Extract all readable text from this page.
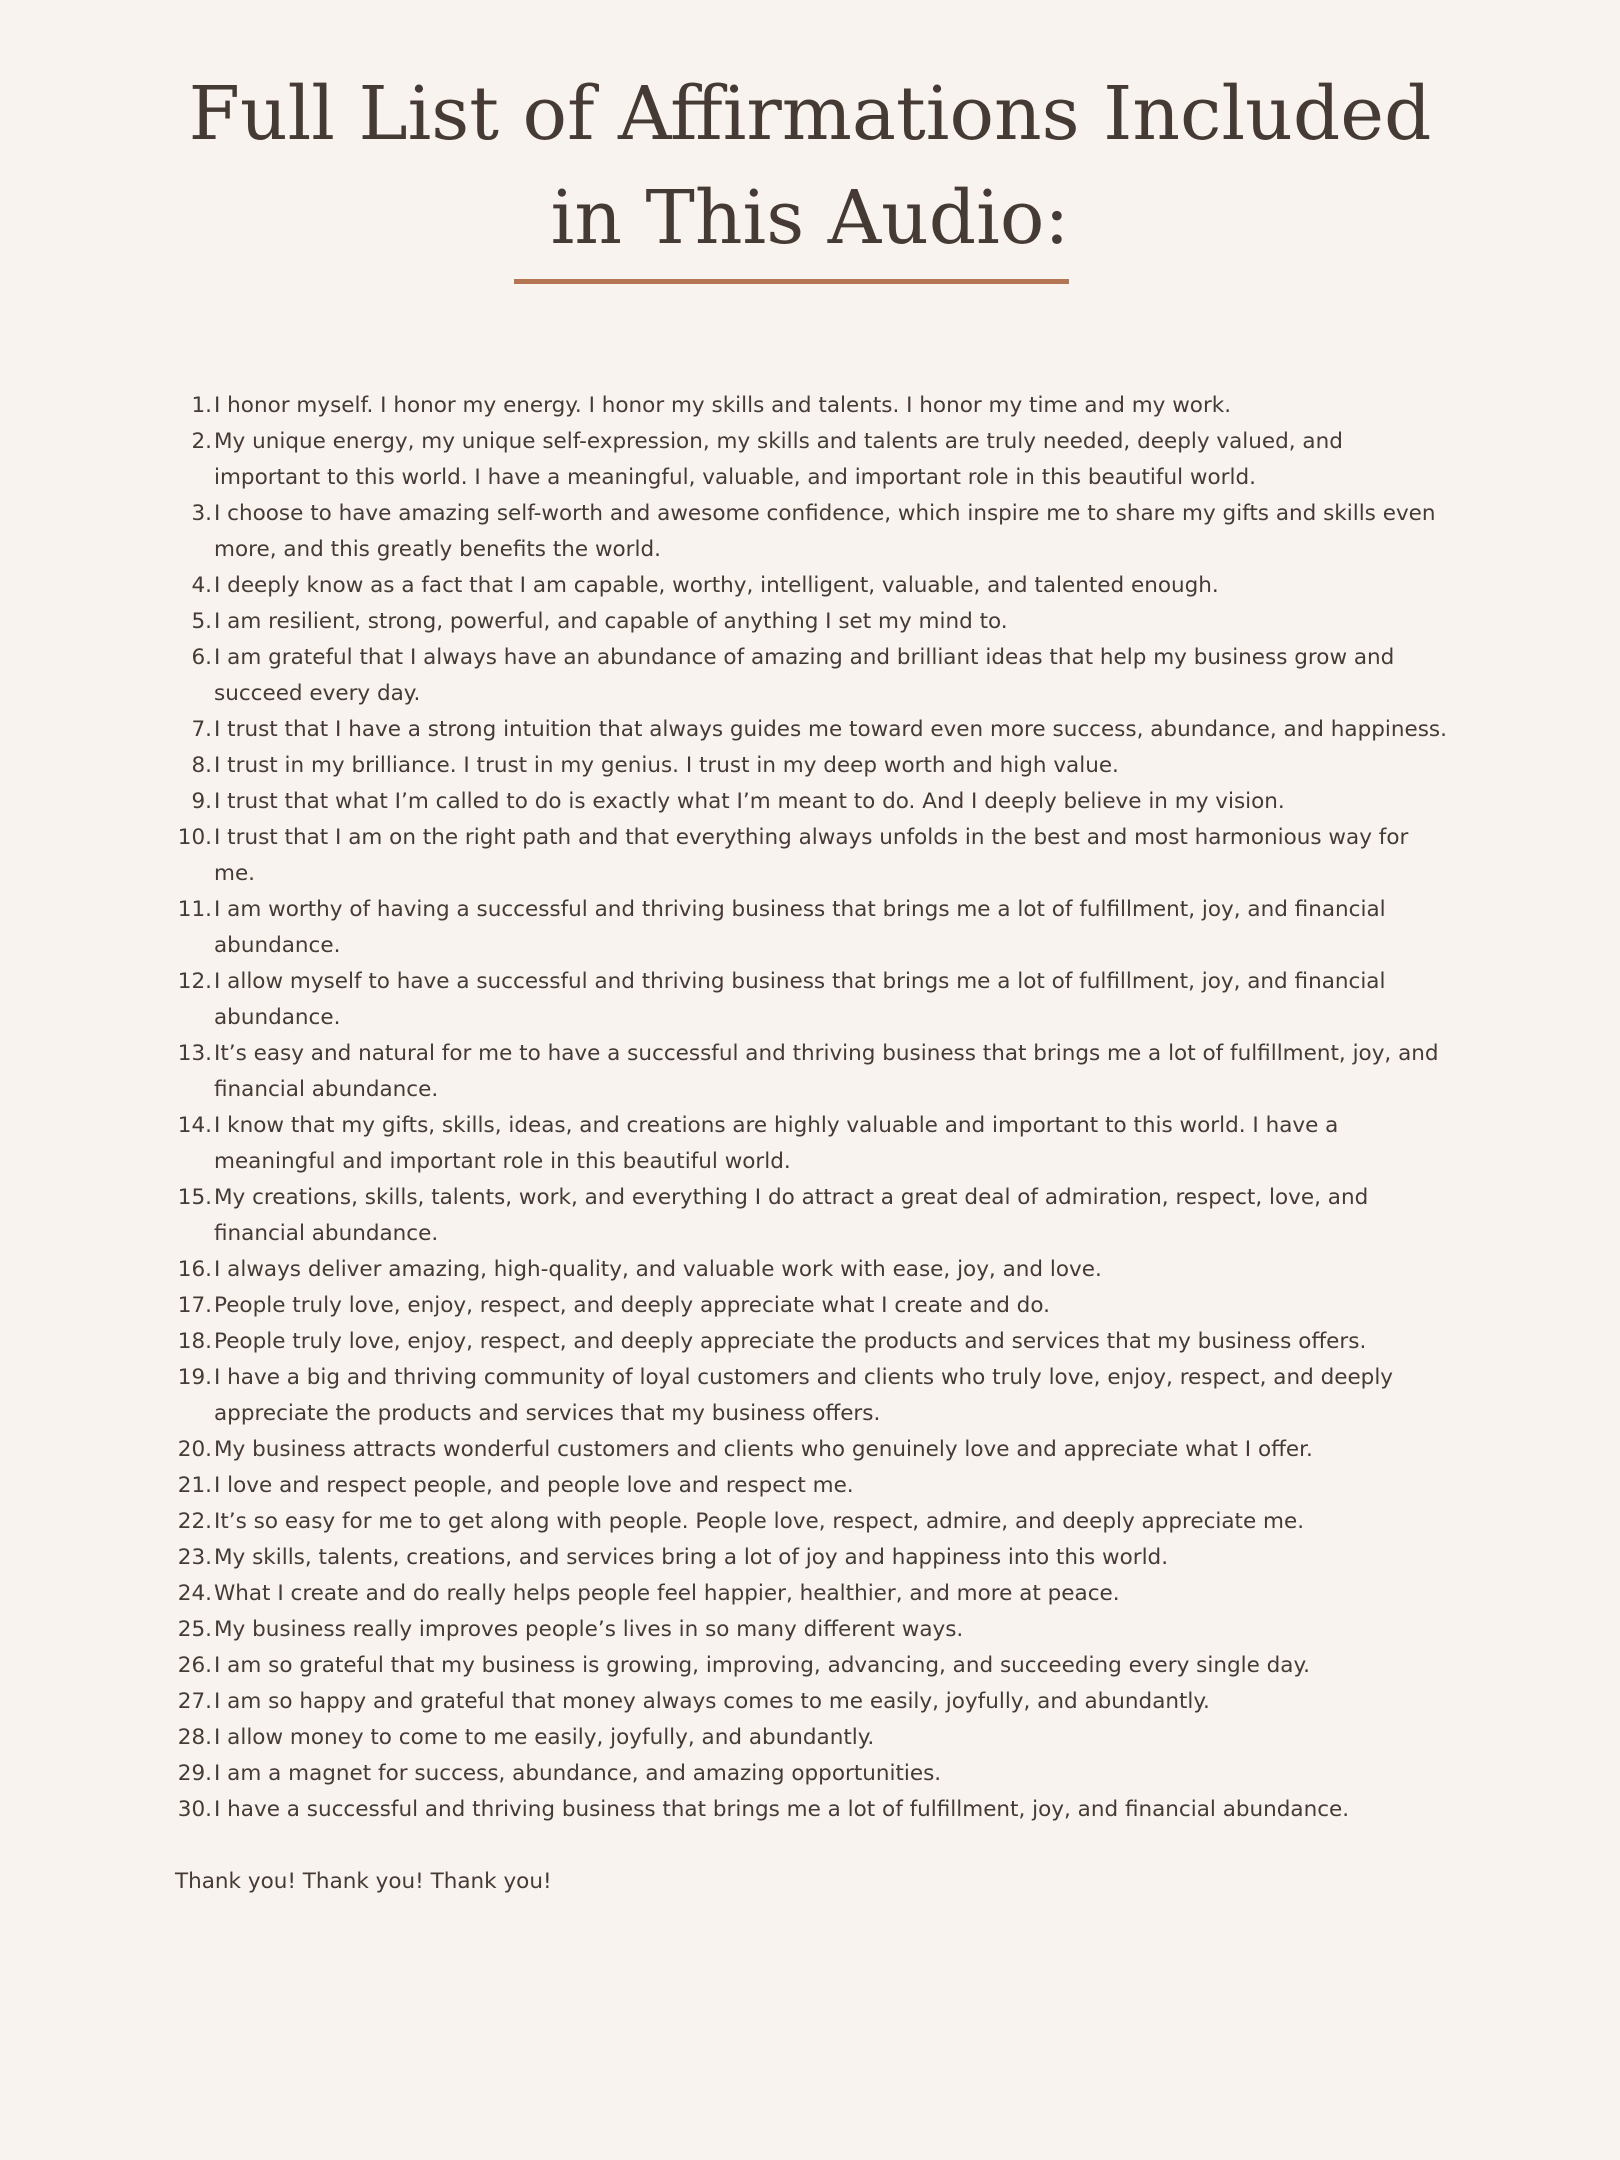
Full List of Affirmations Included
in This Audio:
1. I honor myself. I honor my energy. I honor my skills and talents. I honor my time and my work.
2. My unique energy, my unique self-expression, my skills and talents are truly needed, deeply valued, and important to this world. I have a meaningful, valuable, and important role in this beautiful world.
3. I choose to have amazing self-worth and awesome confidence, which inspire me to share my gifts and skills even more, and this greatly benefits the world.
4. I deeply know as a fact that I am capable, worthy, intelligent, valuable, and talented enough.
5. I am resilient, strong, powerful, and capable of anything I set my mind to.
6. I am grateful that I always have an abundance of amazing and brilliant ideas that help my business grow and succeed every day.
7. I trust that I have a strong intuition that always guides me toward even more success, abundance, and happiness.
8. I trust in my brilliance. I trust in my genius. I trust in my deep worth and high value.
9. I trust that what I’m called to do is exactly what I’m meant to do. And I deeply believe in my vision.
10. I trust that I am on the right path and that everything always unfolds in the best and most harmonious way for me.
11. I am worthy of having a successful and thriving business that brings me a lot of fulfillment, joy, and financial abundance.
12. I allow myself to have a successful and thriving business that brings me a lot of fulfillment, joy, and financial abundance.
13. It’s easy and natural for me to have a successful and thriving business that brings me a lot of fulfillment, joy, and financial abundance.
14. I know that my gifts, skills, ideas, and creations are highly valuable and important to this world. I have a meaningful and important role in this beautiful world.
15. My creations, skills, talents, work, and everything I do attract a great deal of admiration, respect, love, and financial abundance.
16. I always deliver amazing, high-quality, and valuable work with ease, joy, and love.
17. People truly love, enjoy, respect, and deeply appreciate what I create and do.
18. People truly love, enjoy, respect, and deeply appreciate the products and services that my business offers.
19. I have a big and thriving community of loyal customers and clients who truly love, enjoy, respect, and deeply appreciate the products and services that my business offers.
20. My business attracts wonderful customers and clients who genuinely love and appreciate what I offer.
21. I love and respect people, and people love and respect me.
22. It’s so easy for me to get along with people. People love, respect, admire, and deeply appreciate me.
23. My skills, talents, creations, and services bring a lot of joy and happiness into this world.
24. What I create and do really helps people feel happier, healthier, and more at peace.
25. My business really improves people’s lives in so many different ways.
26. I am so grateful that my business is growing, improving, advancing, and succeeding every single day.
27. I am so happy and grateful that money always comes to me easily, joyfully, and abundantly.
28. I allow money to come to me easily, joyfully, and abundantly.
29. I am a magnet for success, abundance, and amazing opportunities.
30. I have a successful and thriving business that brings me a lot of fulfillment, joy, and financial abundance.

Thank you! Thank you! Thank you!
